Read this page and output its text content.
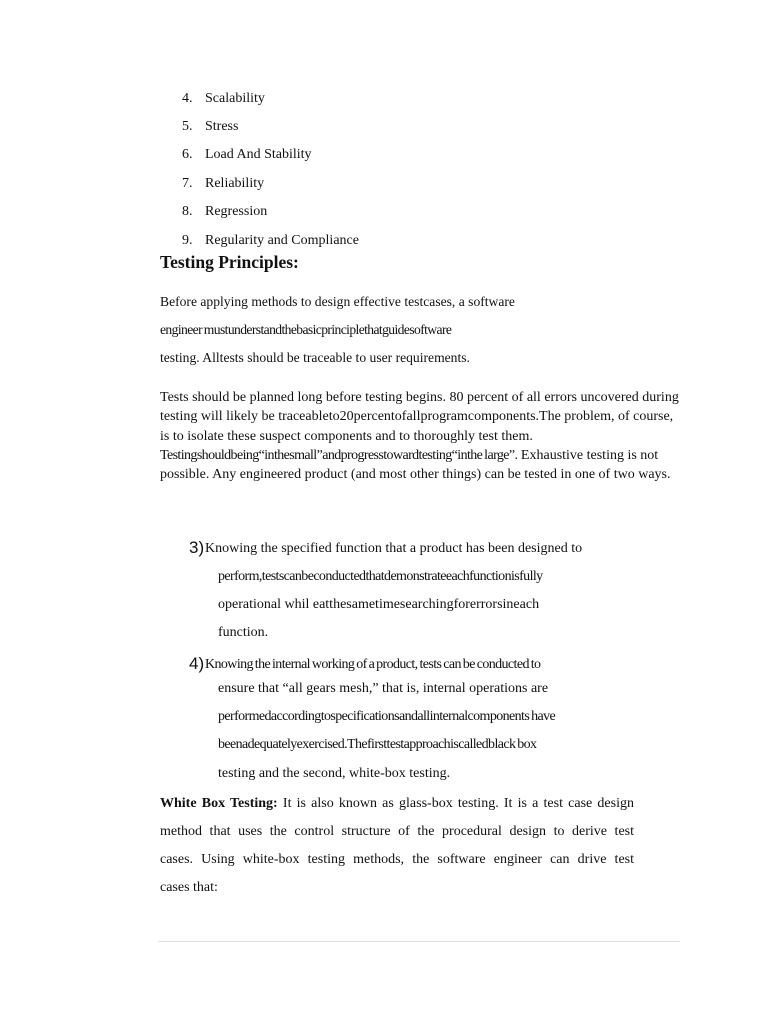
4. Scalability
5. Stress
6. Load And Stability
7. Reliability
8. Regression
9. Regularity and Compliance
Testing Principles:
Before applying methods to design effective testcases, a software
engineer mustunderstandthebasicprinciplethatguidesoftware
testing. Alltests should be traceable to user requirements.

Tests should be planned long before testing begins. 80 percent of all errors uncovered during testing will likely be traceableto20percentofallprogramcomponents.The problem, of course, is to isolate these suspect components and to thoroughly test them.

Testingshouldbeing“inthesmall”andprogresstowardtesting“inthe large”. Exhaustive testing is not possible. Any engineered product (and most other things) can be tested in one of two ways.

3) Knowing the specified function that a product has been designed to
perform,testscanbeconductedthatdemonstrateeachfunctionisfully
operational whil eatthesametimesearchingforerrorsineach
function.
4) Knowing the internal working of a product, tests can be conducted to
ensure that “all gears mesh,” that is, internal operations are
performedaccordingtospecificationsandallinternalcomponents have
beenadequatelyexercised.Thefirsttestapproachiscalledblack box
testing and the second, white-box testing.
White Box Testing: It is also known as glass-box testing. It is a test case design
method that uses the control structure of the procedural design to derive test
cases. Using white-box testing methods, the software engineer can drive test
cases that:
